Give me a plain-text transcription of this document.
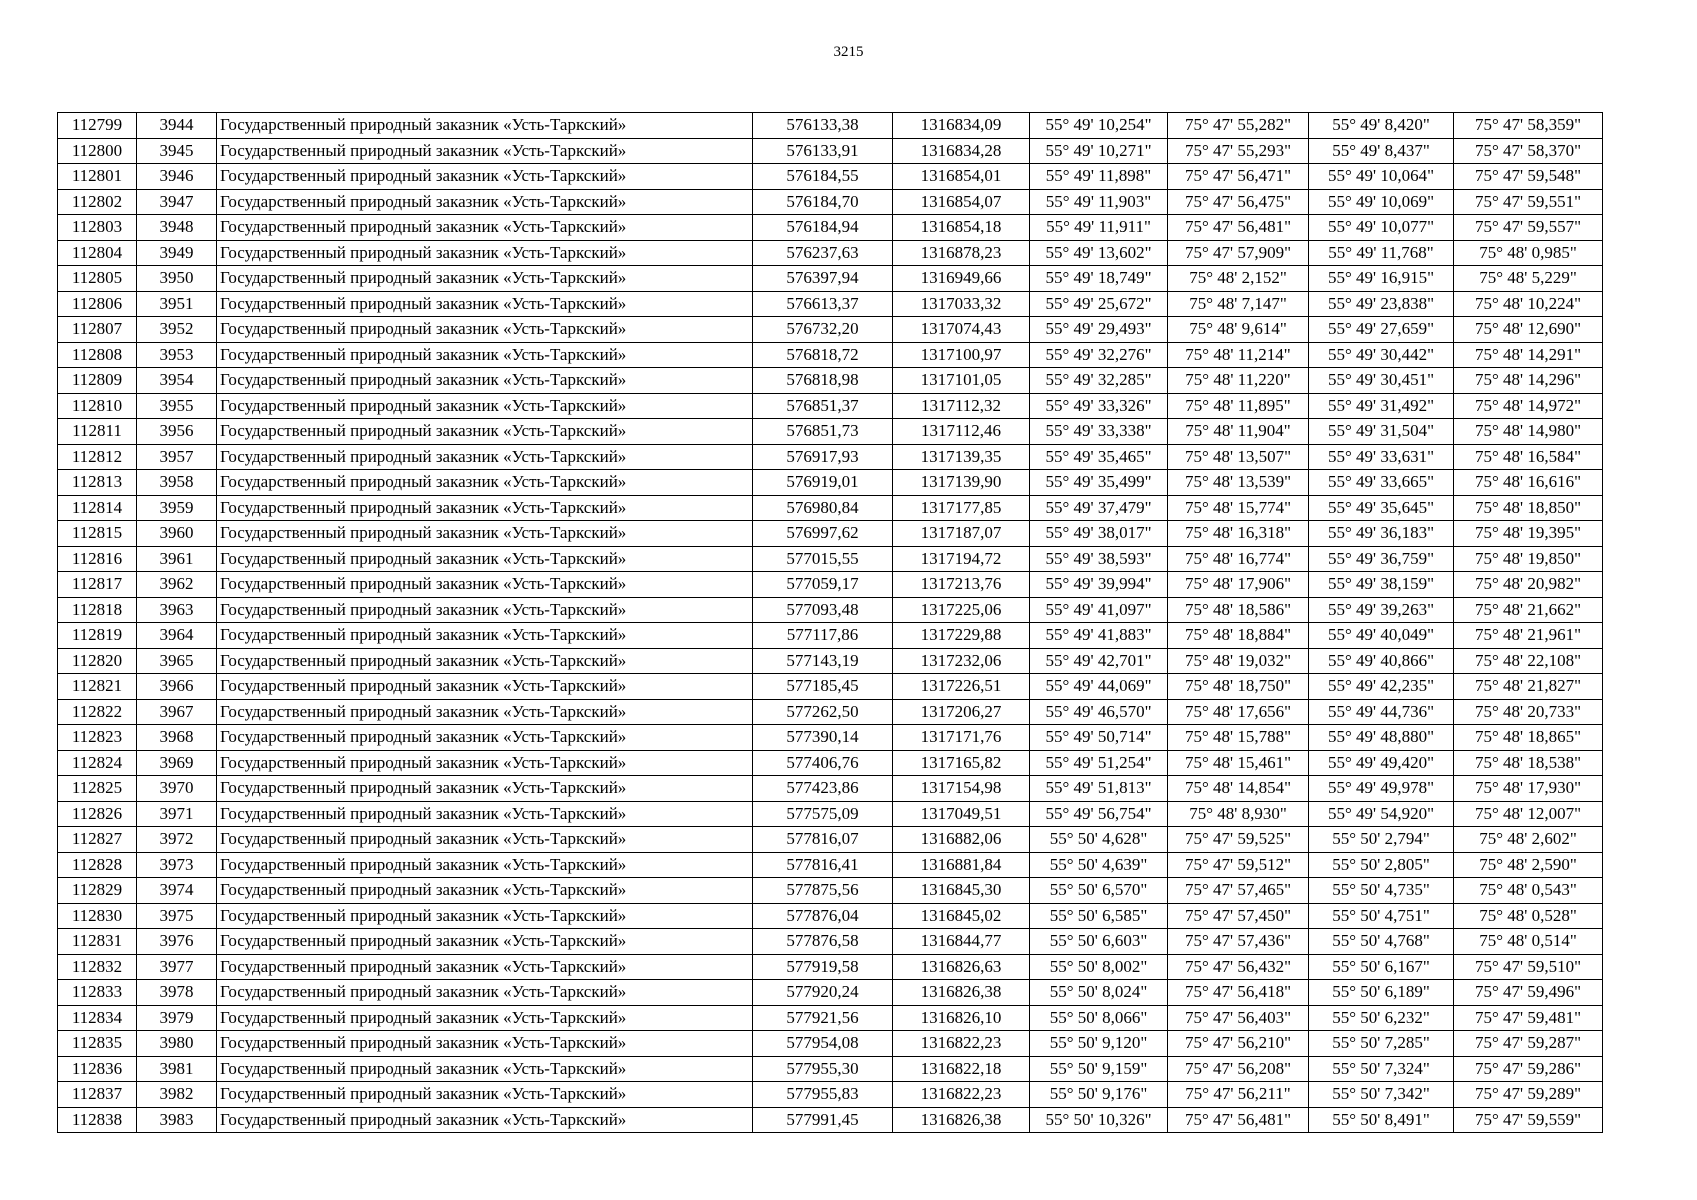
3215
112799	3944	Государственный природный заказник «Усть-Таркский»	576133,38	1316834,09	55° 49' 10,254"	75° 47' 55,282"	55° 49' 8,420"	75° 47' 58,359"
112800	3945	Государственный природный заказник «Усть-Таркский»	576133,91	1316834,28	55° 49' 10,271"	75° 47' 55,293"	55° 49' 8,437"	75° 47' 58,370"
112801	3946	Государственный природный заказник «Усть-Таркский»	576184,55	1316854,01	55° 49' 11,898"	75° 47' 56,471"	55° 49' 10,064"	75° 47' 59,548"
112802	3947	Государственный природный заказник «Усть-Таркский»	576184,70	1316854,07	55° 49' 11,903"	75° 47' 56,475"	55° 49' 10,069"	75° 47' 59,551"
112803	3948	Государственный природный заказник «Усть-Таркский»	576184,94	1316854,18	55° 49' 11,911"	75° 47' 56,481"	55° 49' 10,077"	75° 47' 59,557"
112804	3949	Государственный природный заказник «Усть-Таркский»	576237,63	1316878,23	55° 49' 13,602"	75° 47' 57,909"	55° 49' 11,768"	75° 48' 0,985"
112805	3950	Государственный природный заказник «Усть-Таркский»	576397,94	1316949,66	55° 49' 18,749"	75° 48' 2,152"	55° 49' 16,915"	75° 48' 5,229"
112806	3951	Государственный природный заказник «Усть-Таркский»	576613,37	1317033,32	55° 49' 25,672"	75° 48' 7,147"	55° 49' 23,838"	75° 48' 10,224"
112807	3952	Государственный природный заказник «Усть-Таркский»	576732,20	1317074,43	55° 49' 29,493"	75° 48' 9,614"	55° 49' 27,659"	75° 48' 12,690"
112808	3953	Государственный природный заказник «Усть-Таркский»	576818,72	1317100,97	55° 49' 32,276"	75° 48' 11,214"	55° 49' 30,442"	75° 48' 14,291"
112809	3954	Государственный природный заказник «Усть-Таркский»	576818,98	1317101,05	55° 49' 32,285"	75° 48' 11,220"	55° 49' 30,451"	75° 48' 14,296"
112810	3955	Государственный природный заказник «Усть-Таркский»	576851,37	1317112,32	55° 49' 33,326"	75° 48' 11,895"	55° 49' 31,492"	75° 48' 14,972"
112811	3956	Государственный природный заказник «Усть-Таркский»	576851,73	1317112,46	55° 49' 33,338"	75° 48' 11,904"	55° 49' 31,504"	75° 48' 14,980"
112812	3957	Государственный природный заказник «Усть-Таркский»	576917,93	1317139,35	55° 49' 35,465"	75° 48' 13,507"	55° 49' 33,631"	75° 48' 16,584"
112813	3958	Государственный природный заказник «Усть-Таркский»	576919,01	1317139,90	55° 49' 35,499"	75° 48' 13,539"	55° 49' 33,665"	75° 48' 16,616"
112814	3959	Государственный природный заказник «Усть-Таркский»	576980,84	1317177,85	55° 49' 37,479"	75° 48' 15,774"	55° 49' 35,645"	75° 48' 18,850"
112815	3960	Государственный природный заказник «Усть-Таркский»	576997,62	1317187,07	55° 49' 38,017"	75° 48' 16,318"	55° 49' 36,183"	75° 48' 19,395"
112816	3961	Государственный природный заказник «Усть-Таркский»	577015,55	1317194,72	55° 49' 38,593"	75° 48' 16,774"	55° 49' 36,759"	75° 48' 19,850"
112817	3962	Государственный природный заказник «Усть-Таркский»	577059,17	1317213,76	55° 49' 39,994"	75° 48' 17,906"	55° 49' 38,159"	75° 48' 20,982"
112818	3963	Государственный природный заказник «Усть-Таркский»	577093,48	1317225,06	55° 49' 41,097"	75° 48' 18,586"	55° 49' 39,263"	75° 48' 21,662"
112819	3964	Государственный природный заказник «Усть-Таркский»	577117,86	1317229,88	55° 49' 41,883"	75° 48' 18,884"	55° 49' 40,049"	75° 48' 21,961"
112820	3965	Государственный природный заказник «Усть-Таркский»	577143,19	1317232,06	55° 49' 42,701"	75° 48' 19,032"	55° 49' 40,866"	75° 48' 22,108"
112821	3966	Государственный природный заказник «Усть-Таркский»	577185,45	1317226,51	55° 49' 44,069"	75° 48' 18,750"	55° 49' 42,235"	75° 48' 21,827"
112822	3967	Государственный природный заказник «Усть-Таркский»	577262,50	1317206,27	55° 49' 46,570"	75° 48' 17,656"	55° 49' 44,736"	75° 48' 20,733"
112823	3968	Государственный природный заказник «Усть-Таркский»	577390,14	1317171,76	55° 49' 50,714"	75° 48' 15,788"	55° 49' 48,880"	75° 48' 18,865"
112824	3969	Государственный природный заказник «Усть-Таркский»	577406,76	1317165,82	55° 49' 51,254"	75° 48' 15,461"	55° 49' 49,420"	75° 48' 18,538"
112825	3970	Государственный природный заказник «Усть-Таркский»	577423,86	1317154,98	55° 49' 51,813"	75° 48' 14,854"	55° 49' 49,978"	75° 48' 17,930"
112826	3971	Государственный природный заказник «Усть-Таркский»	577575,09	1317049,51	55° 49' 56,754"	75° 48' 8,930"	55° 49' 54,920"	75° 48' 12,007"
112827	3972	Государственный природный заказник «Усть-Таркский»	577816,07	1316882,06	55° 50' 4,628"	75° 47' 59,525"	55° 50' 2,794"	75° 48' 2,602"
112828	3973	Государственный природный заказник «Усть-Таркский»	577816,41	1316881,84	55° 50' 4,639"	75° 47' 59,512"	55° 50' 2,805"	75° 48' 2,590"
112829	3974	Государственный природный заказник «Усть-Таркский»	577875,56	1316845,30	55° 50' 6,570"	75° 47' 57,465"	55° 50' 4,735"	75° 48' 0,543"
112830	3975	Государственный природный заказник «Усть-Таркский»	577876,04	1316845,02	55° 50' 6,585"	75° 47' 57,450"	55° 50' 4,751"	75° 48' 0,528"
112831	3976	Государственный природный заказник «Усть-Таркский»	577876,58	1316844,77	55° 50' 6,603"	75° 47' 57,436"	55° 50' 4,768"	75° 48' 0,514"
112832	3977	Государственный природный заказник «Усть-Таркский»	577919,58	1316826,63	55° 50' 8,002"	75° 47' 56,432"	55° 50' 6,167"	75° 47' 59,510"
112833	3978	Государственный природный заказник «Усть-Таркский»	577920,24	1316826,38	55° 50' 8,024"	75° 47' 56,418"	55° 50' 6,189"	75° 47' 59,496"
112834	3979	Государственный природный заказник «Усть-Таркский»	577921,56	1316826,10	55° 50' 8,066"	75° 47' 56,403"	55° 50' 6,232"	75° 47' 59,481"
112835	3980	Государственный природный заказник «Усть-Таркский»	577954,08	1316822,23	55° 50' 9,120"	75° 47' 56,210"	55° 50' 7,285"	75° 47' 59,287"
112836	3981	Государственный природный заказник «Усть-Таркский»	577955,30	1316822,18	55° 50' 9,159"	75° 47' 56,208"	55° 50' 7,324"	75° 47' 59,286"
112837	3982	Государственный природный заказник «Усть-Таркский»	577955,83	1316822,23	55° 50' 9,176"	75° 47' 56,211"	55° 50' 7,342"	75° 47' 59,289"
112838	3983	Государственный природный заказник «Усть-Таркский»	577991,45	1316826,38	55° 50' 10,326"	75° 47' 56,481"	55° 50' 8,491"	75° 47' 59,559"
